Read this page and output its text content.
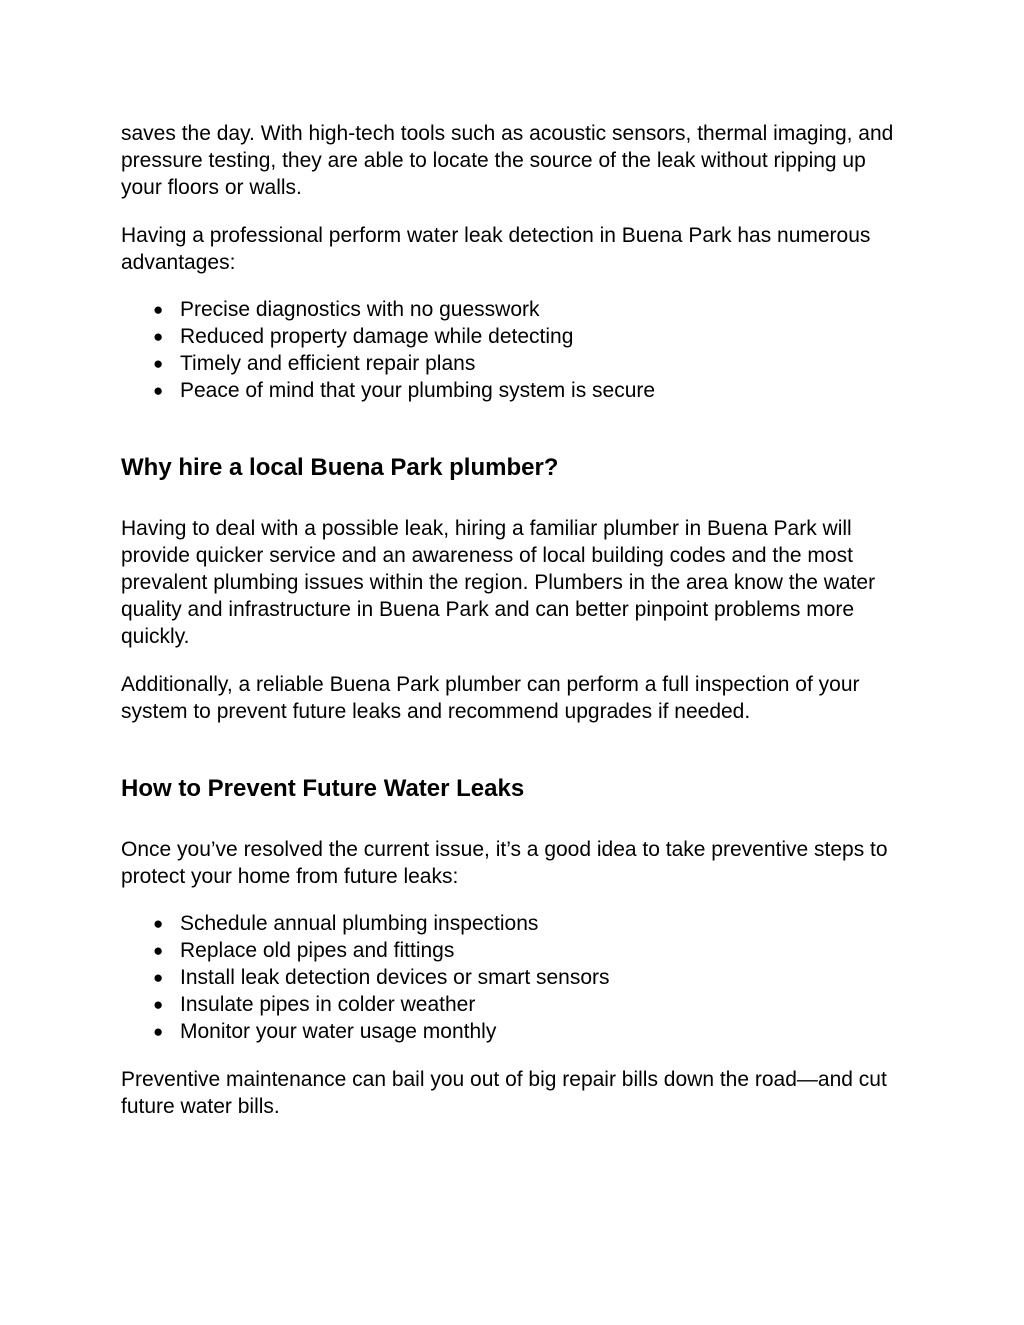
saves the day. With high-tech tools such as acoustic sensors, thermal imaging, and pressure testing, they are able to locate the source of the leak without ripping up your floors or walls.

Having a professional perform water leak detection in Buena Park has numerous advantages:

● Precise diagnostics with no guesswork
● Reduced property damage while detecting
● Timely and efficient repair plans
● Peace of mind that your plumbing system is secure
Why hire a local Buena Park plumber?

Having to deal with a possible leak, hiring a familiar plumber in Buena Park will provide quicker service and an awareness of local building codes and the most prevalent plumbing issues within the region. Plumbers in the area know the water quality and infrastructure in Buena Park and can better pinpoint problems more quickly.

Additionally, a reliable Buena Park plumber can perform a full inspection of your system to prevent future leaks and recommend upgrades if needed.

How to Prevent Future Water Leaks

Once you’ve resolved the current issue, it’s a good idea to take preventive steps to protect your home from future leaks:

● Schedule annual plumbing inspections
● Replace old pipes and fittings
● Install leak detection devices or smart sensors
● Insulate pipes in colder weather
● Monitor your water usage monthly

Preventive maintenance can bail you out of big repair bills down the road—and cut future water bills.
